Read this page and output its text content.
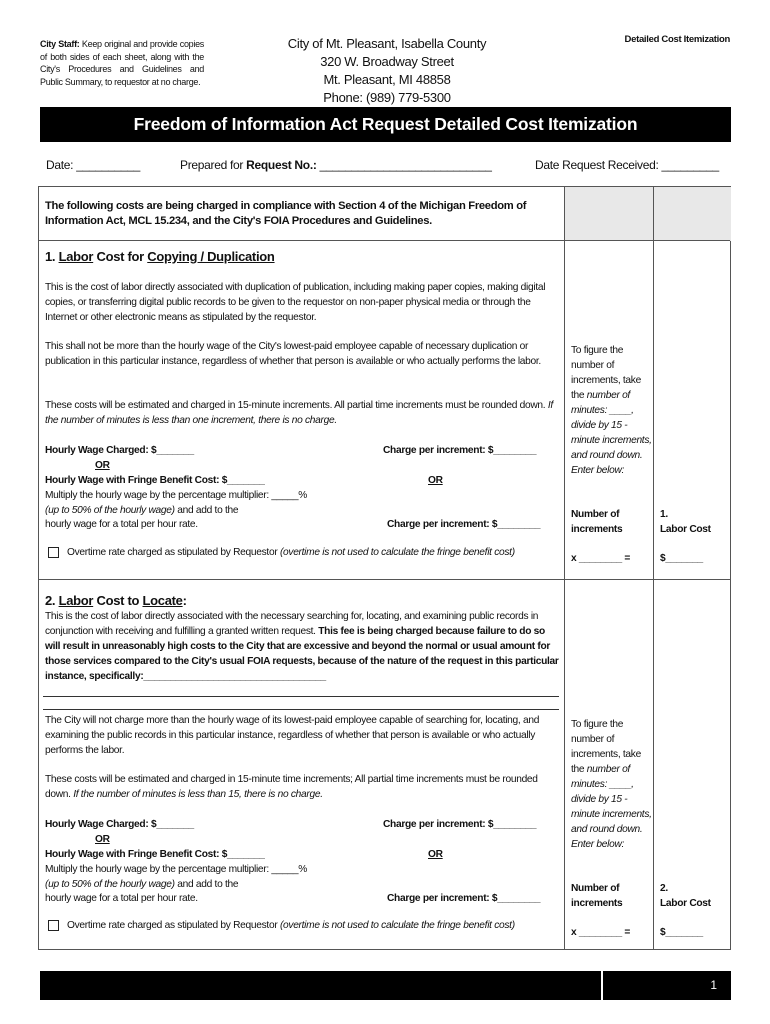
City Staff: Keep original and provide copies of both sides of each sheet, along with the City's Procedures and Guidelines and Public Summary, to requestor at no charge.
City of Mt. Pleasant, Isabella County
320 W. Broadway Street
Mt. Pleasant, MI 48858
Phone: (989) 779-5300
Detailed Cost Itemization
Freedom of Information Act Request Detailed Cost Itemization
Date: __________	Prepared for Request No.: ___________________________	Date Request Received: _________
The following costs are being charged in compliance with Section 4 of the Michigan Freedom of Information Act, MCL 15.234, and the City's FOIA Procedures and Guidelines.
1. Labor Cost for Copying / Duplication
This is the cost of labor directly associated with duplication of publication, including making paper copies, making digital copies, or transferring digital public records to be given to the requestor on non-paper physical media or through the Internet or other electronic means as stipulated by the requestor.
This shall not be more than the hourly wage of the City's lowest-paid employee capable of necessary duplication or publication in this particular instance, regardless of whether that person is available or who actually performs the labor.
These costs will be estimated and charged in 15-minute increments. All partial time increments must be rounded down. If the number of minutes is less than one increment, there is no charge.
Hourly Wage Charged: $_______	Charge per increment: $________
OR
Hourly Wage with Fringe Benefit Cost: $_______	OR
Multiply the hourly wage by the percentage multiplier: _____%
(up to 50% of the hourly wage) and add to the
hourly wage for a total per hour rate.	Charge per increment: $________
Overtime rate charged as stipulated by Requestor (overtime is not used to calculate the fringe benefit cost)
To figure the number of increments, take the number of minutes: ____, divide by 15 -minute increments, and round down. Enter below:
Number of increments
x ________ =
1.
Labor Cost
$_______
2. Labor Cost to Locate:
This is the cost of labor directly associated with the necessary searching for, locating, and examining public records in conjunction with receiving and fulfilling a granted written request. This fee is being charged because failure to do so will result in unreasonably high costs to the City that are excessive and beyond the normal or usual amount for those services compared to the City's usual FOIA requests, because of the nature of the request in this particular instance, specifically:__________________________________
The City will not charge more than the hourly wage of its lowest-paid employee capable of searching for, locating, and examining the public records in this particular instance, regardless of whether that person is available or who actually performs the labor.
These costs will be estimated and charged in 15-minute time increments; All partial time increments must be rounded down. If the number of minutes is less than 15, there is no charge.
Hourly Wage Charged: $_______	Charge per increment: $________
OR
Hourly Wage with Fringe Benefit Cost: $_______	OR
Multiply the hourly wage by the percentage multiplier: _____%
(up to 50% of the hourly wage) and add to the
hourly wage for a total per hour rate.	Charge per increment: $________
Overtime rate charged as stipulated by Requestor (overtime is not used to calculate the fringe benefit cost)
To figure the number of increments, take the number of minutes: ____, divide by 15 -minute increments, and round down. Enter below:
Number of increments
x ________ =
2.
Labor Cost
$_______
1
